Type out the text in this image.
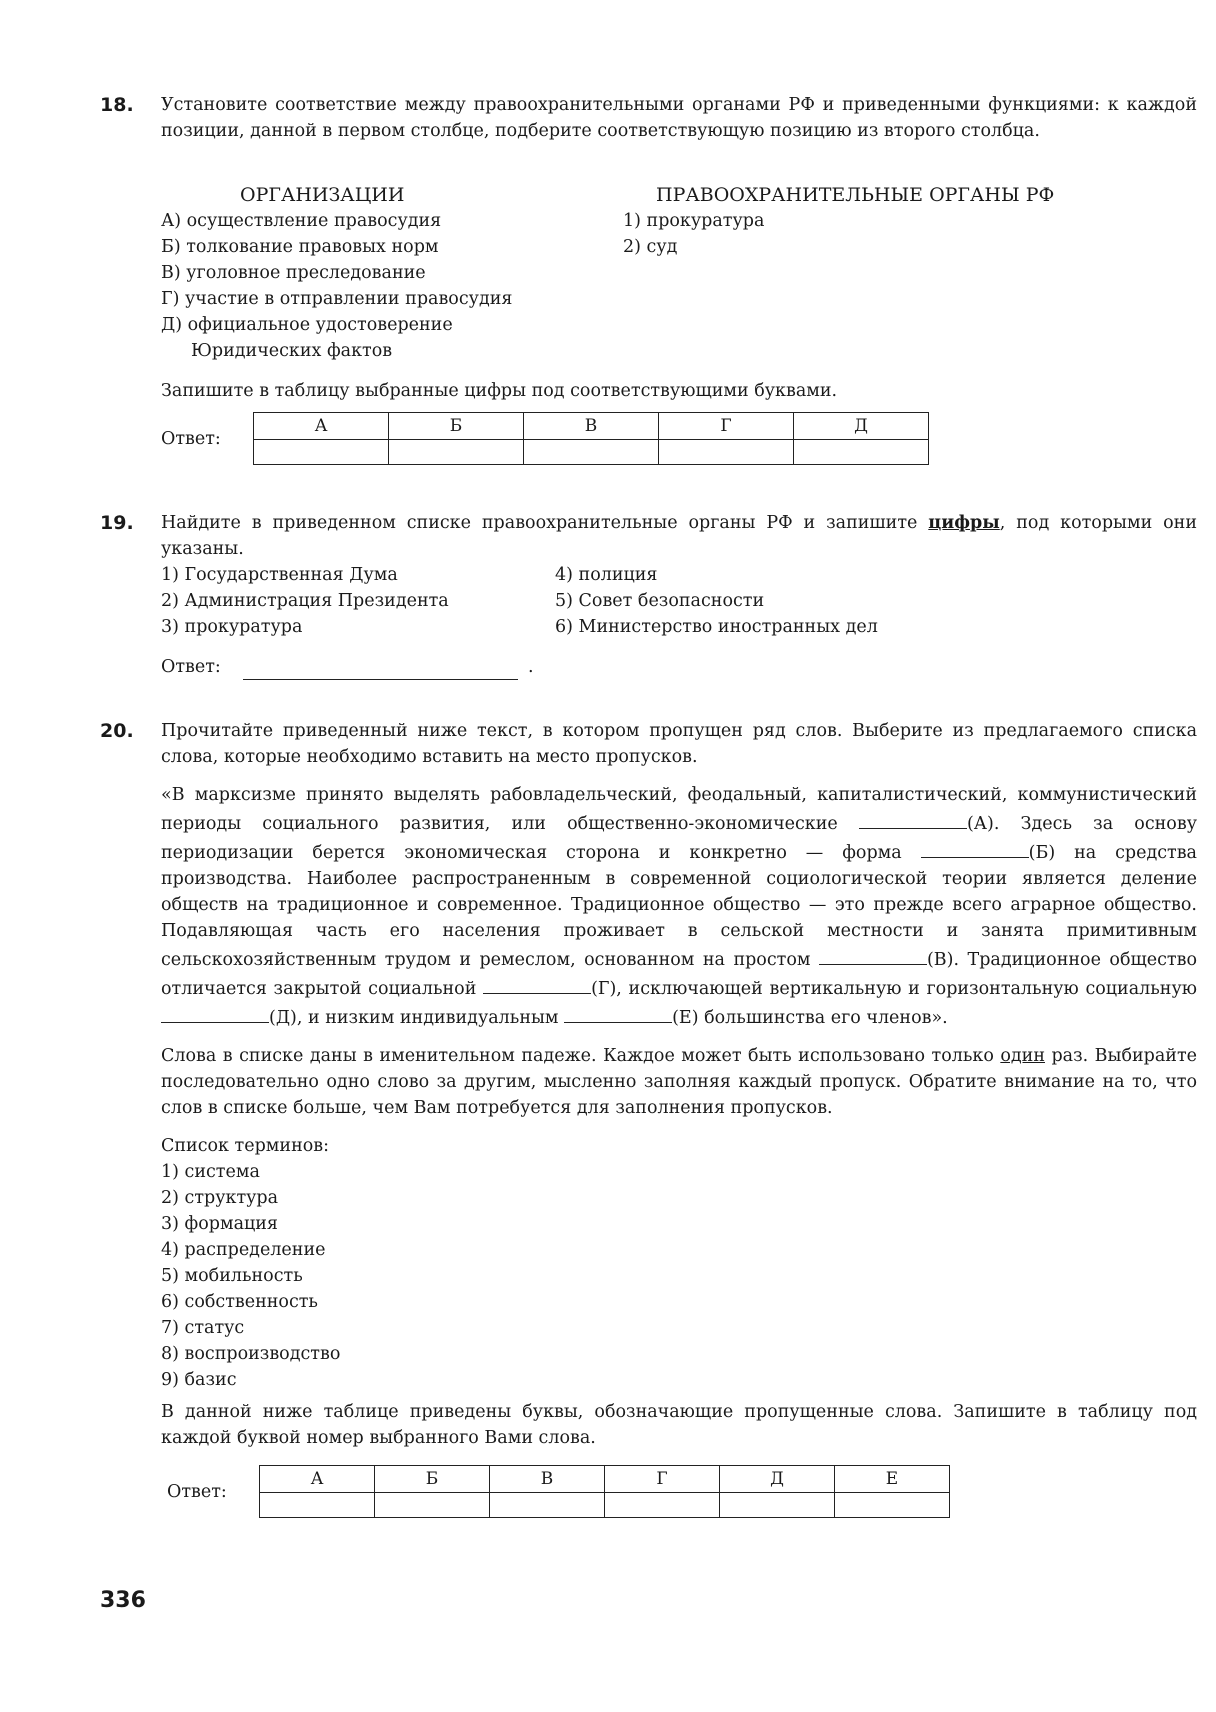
18. Установите соответствие между правоохранительными органами РФ и приведенными функциями: к каждой позиции, данной в первом столбце, подберите соответствующую позицию из второго столбца.

ОРГАНИЗАЦИИ	ПРАВООХРАНИТЕЛЬНЫЕ ОРГАНЫ РФ
А) осуществление правосудия
Б) толкование правовых норм
В) уголовное преследование
Г) участие в отправлении правосудия
Д) официальное удостоверение
Юридических фактов
1) прокуратура
2) суд
Запишите в таблицу выбранные цифры под соответствующими буквами.
Ответ:
А	Б	В	Г	Д

19. Найдите в приведенном списке правоохранительные органы РФ и запишите цифры, под которыми они указаны.

1) Государственная Дума
2) Администрация Президента
3) прокуратура
4) полиция
5) Совет безопасности
6) Министерство иностранных дел
Ответ:	.
20. Прочитайте приведенный ниже текст, в котором пропущен ряд слов. Выберите из предлагаемого списка слова, которые необходимо вставить на место пропусков.

«В марксизме принято выделять рабовладельческий, феодальный, капиталистический, коммунистический периоды социального развития, или общественно-экономические	(А). Здесь за основу периодизации берется экономическая сторона и конкретно — форма	(Б) на средства производства. Наиболее распространенным в современной социологической теории является деление обществ на традиционное и современное. Традиционное общество — это прежде всего аграрное общество. Подавляющая часть его населения проживает в сельской местности и занята примитивным сельскохозяйственным трудом и ремеслом, основанном на простом	(В). Традиционное общество отличается закрытой социальной	(Г), исключающей вертикальную и горизонтальную социальную(Д), и низким индивидуальным	(Е) большинства его членов».

Слова в списке даны в именительном падеже. Каждое может быть использовано только один раз. Выбирайте последовательно одно слово за другим, мысленно заполняя каждый пропуск. Обратите внимание на то, что слов в списке больше, чем Вам потребуется для заполнения пропусков.

Список терминов:
1) система
2) структура
3) формация
4) распределение
5) мобильность
6) собственность
7) статус
8) воспроизводство
9) базис

В данной ниже таблице приведены буквы, обозначающие пропущенные слова. Запишите в таблицу под каждой буквой номер выбранного Вами слова.

Ответ:
А	Б	В	Г	Д	Е

336
